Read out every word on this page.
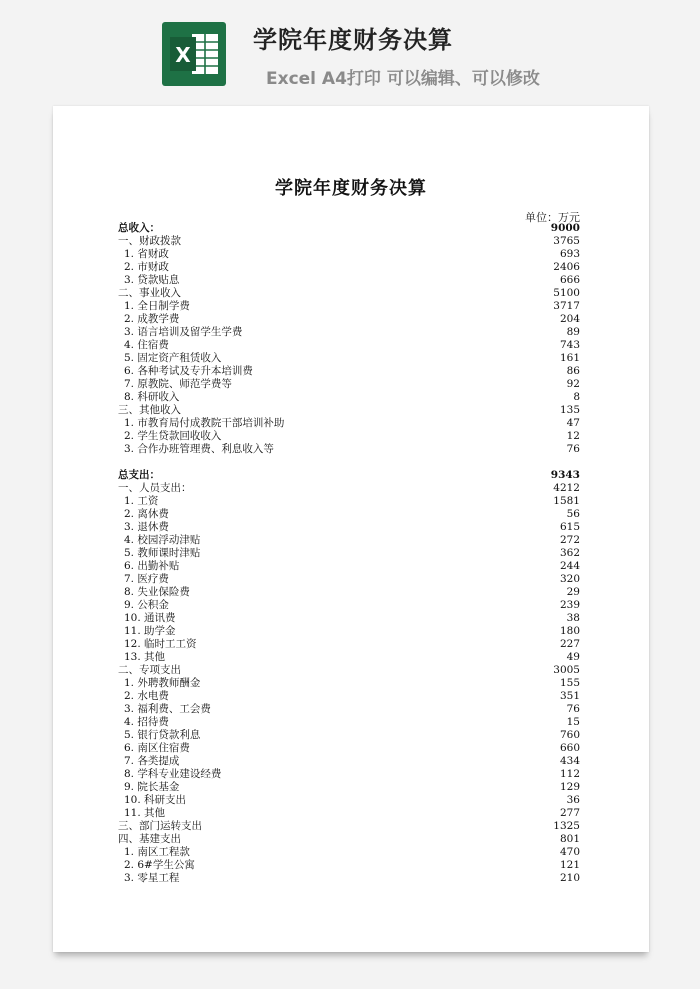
X
学院年度财务决算
Excel A4打印 可以编辑、可以修改
学院年度财务决算
单位：万元
总收入：	9000
一、财政拨款	3765
1. 省财政	693
2. 市财政	2406
3. 贷款贴息	666
二、事业收入	5100
1. 全日制学费	3717
2. 成教学费	204
3. 语言培训及留学生学费	89
4. 住宿费	743
5. 固定资产租赁收入	161
6. 各种考试及专升本培训费	86
7. 原教院、师范学费等	92
8. 科研收入	8
三、其他收入	135
1. 市教育局付成教院干部培训补助	47
2. 学生贷款回收收入	12
3. 合作办班管理费、利息收入等	76
总支出：	9343
一、人员支出：	4212
1. 工资	1581
2. 离休费	56
3. 退休费	615
4. 校园浮动津贴	272
5. 教师课时津贴	362
6. 出勤补贴	244
7. 医疗费	320
8. 失业保险费	29
9. 公积金	239
10. 通讯费	38
11. 助学金	180
12. 临时工工资	227
13. 其他	49
二、专项支出	3005
1. 外聘教师酬金	155
2. 水电费	351
3. 福利费、工会费	76
4. 招待费	15
5. 银行贷款利息	760
6. 南区住宿费	660
7. 各类提成	434
8. 学科专业建设经费	112
9. 院长基金	129
10. 科研支出	36
11. 其他	277
三、部门运转支出	1325
四、基建支出	801
1. 南区工程款	470
2. 6#学生公寓	121
3. 零星工程	210
